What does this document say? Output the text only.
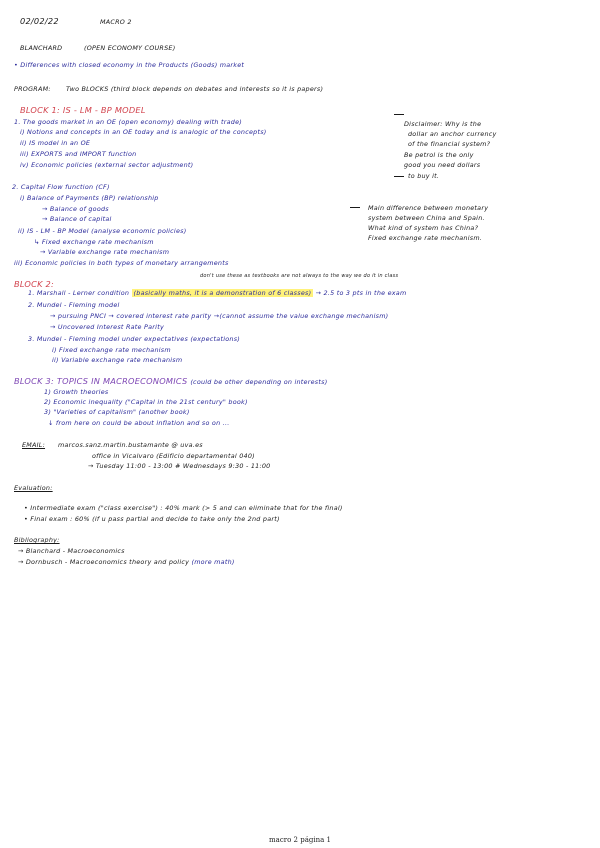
02/02/22	MACRO 2
BLANCHARD	(OPEN ECONOMY COURSE)
• Differences with closed economy in the Products (Goods) market
PROGRAM: Two BLOCKS (third block depends on debates and interests so it is papers)
BLOCK 1: IS - LM - BP MODEL
1. The goods market in an OE (open economy) dealing with trade)
i) Notions and concepts in an OE today and is analogic of the concepts)
ii) IS model in an OE
iii) EXPORTS and IMPORT function
iv) Economic policies (external sector adjustment)
2. Capital Flow function (CF)
i) Balance of Payments (BP) relationship
→ Balance of goods
→ Balance of capital
ii) IS - LM - BP Model (analyse economic policies)
↳ Fixed exchange rate mechanism
→ Variable exchange rate mechanism
iii) Economic policies in both types of monetary arrangements
Disclaimer: Why is the
dollar an anchor currency
of the financial system?
Be petrol is the only
good you need dollars
to buy it.
Main difference between monetary
system between China and Spain.
What kind of system has China?
Fixed exchange rate mechanism.
don't use these as textbooks are not always to the way we do it in class
BLOCK 2:
1. Marshall - Lerner condition (basically maths, it is a demonstration of 6 classes) → 2.5 to 3 pts in the exam
2. Mundel - Fleming model
→ pursuing PNCI → covered interest rate parity →(cannot assume the value exchange mechanism)
→ Uncovered Interest Rate Parity
3. Mundel - Fleming model under expectatives (expectations)
i) Fixed exchange rate mechanism
ii) Variable exchange rate mechanism
BLOCK 3: TOPICS IN MACROECONOMICS (could be other depending on interests)
1) Growth theories
2) Economic inequality ("Capital in the 21st century" book)
3) "Varieties of capitalism" (another book)
↓ from here on could be about inflation and so on ...
EMAIL: marcos.sanz.martin.bustamante @ uva.es
office in Vicalvaro (Edificio departamental 040)
→ Tuesday 11:00 - 13:00 # Wednesdays 9:30 - 11:00
Evaluation:
• Intermediate exam ("class exercise") : 40% mark (> 5 and can eliminate that for the final)
• Final exam : 60% (if u pass partial and decide to take only the 2nd part)
Bibliography:
→ Blanchard - Macroeconomics
→ Dornbusch - Macroeconomics theory and policy (more math)
macro 2 página 1
